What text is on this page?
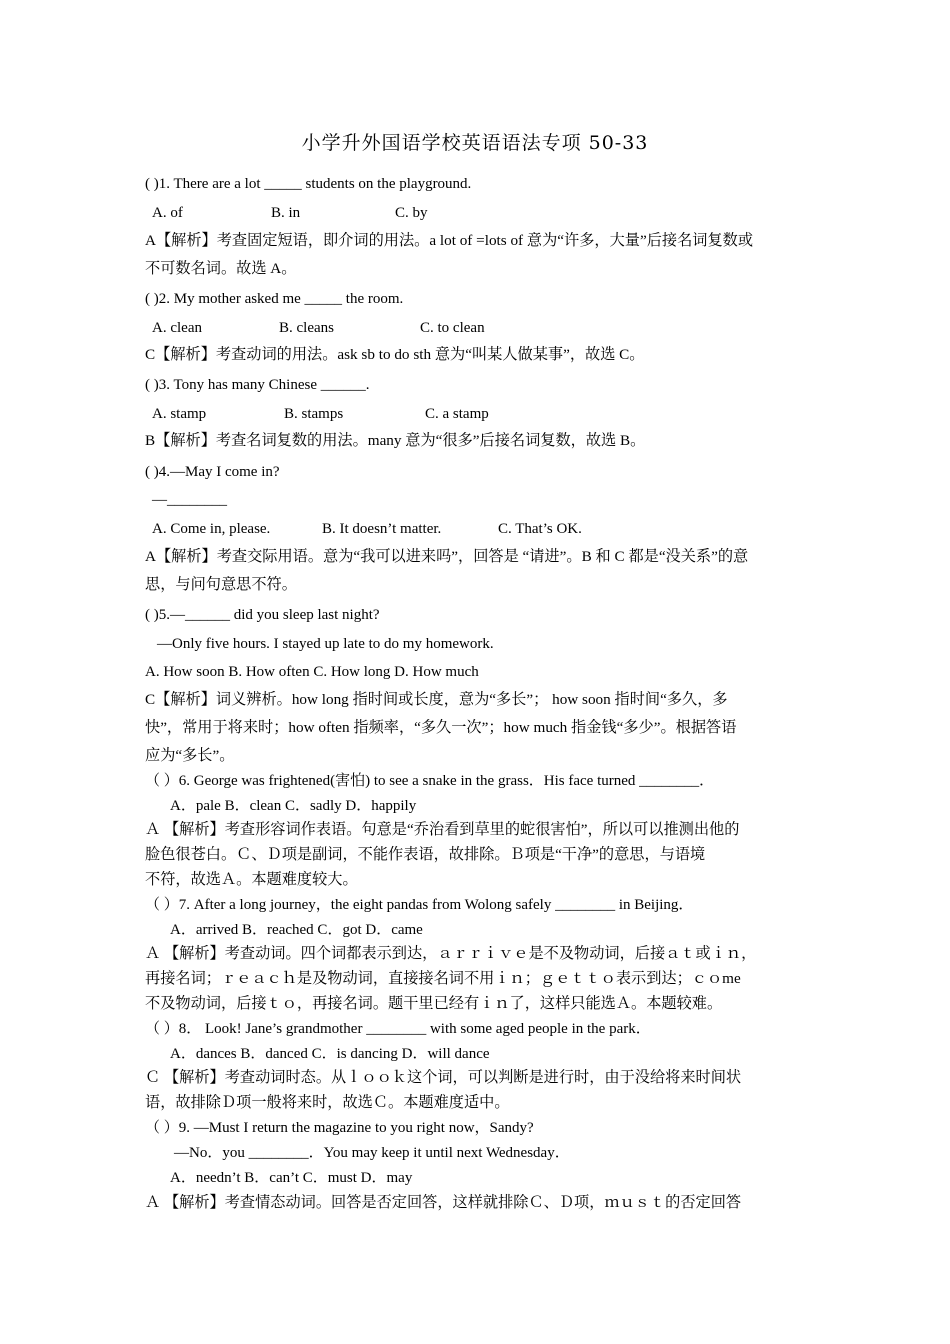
小学升外国语学校英语语法专项 50-33
( )1. There are a lot _____ students on the playground.
A. of	B. in	C. by
A【解析】考查固定短语，即介词的用法。a lot of =lots of 意为“许多，大量”后接名词复数或
不可数名词。故选 A。
( )2. My mother asked me _____ the room.
A. clean	B. cleans	C. to clean
C【解析】考查动词的用法。ask sb to do sth 意为“叫某人做某事”，故选 C。
( )3. Tony has many Chinese ______.
A. stamp	B. stamps	C. a stamp
B【解析】考查名词复数的用法。many 意为“很多”后接名词复数，故选 B。
( )4.—May I come in?
—________
A. Come in, please.	B. It doesn’t matter.	C. That’s OK.
A【解析】考查交际用语。意为“我可以进来吗”，回答是 “请进”。B 和 C 都是“没关系”的意
思，与问句意思不符。
( )5.—______ did you sleep last night?
—Only five hours. I stayed up late to do my homework.
A. How soon B. How often C. How long D. How much
C【解析】词义辨析。how long 指时间或长度，意为“多长”； how soon 指时间“多久，多
快”，常用于将来时；how often 指频率，“多久一次”；how much 指金钱“多少”。根据答语
应为“多长”。
（ ）6. George was frightened(害怕) to see a snake in the grass．His face turned ________．
A．pale B．clean C．sadly D．happily
Ａ 【解析】考查形容词作表语。句意是“乔治看到草里的蛇很害怕”，所以可以推测出他的
脸色很苍白。Ｃ、Ｄ项是副词，不能作表语，故排除。Ｂ项是“干净”的意思，与语境
不符，故选Ａ。本题难度较大。
（ ）7. After a long journey，the eight pandas from Wolong safely ________ in Beijing．
A．arrived B．reached C．got D．came
Ａ 【解析】考查动词。四个词都表示到达，ａｒｒｉｖｅ是不及物动词，后接ａｔ或ｉｎ，
再接名词；ｒｅａｃｈ是及物动词，直接接名词不用ｉｎ；ｇｅｔｔｏ表示到达；ｃｏme
不及物动词，后接ｔｏ，再接名词。题干里已经有ｉｎ了，这样只能选Ａ。本题较难。
（ ）8． Look! Jane’s grandmother ________ with some aged people in the park．
A．dances B．danced C．is dancing D．will dance
Ｃ 【解析】考查动词时态。从ｌｏｏｋ这个词，可以判断是进行时，由于没给将来时间状
语，故排除Ｄ项一般将来时，故选Ｃ。本题难度适中。
（ ）9. —Must I return the magazine to you right now，Sandy?
—No．you ________．You may keep it until next Wednesday．
A．needn’t B．can’t C．must D．may
Ａ 【解析】考查情态动词。回答是否定回答，这样就排除Ｃ、Ｄ项，ｍｕｓｔ的否定回答
